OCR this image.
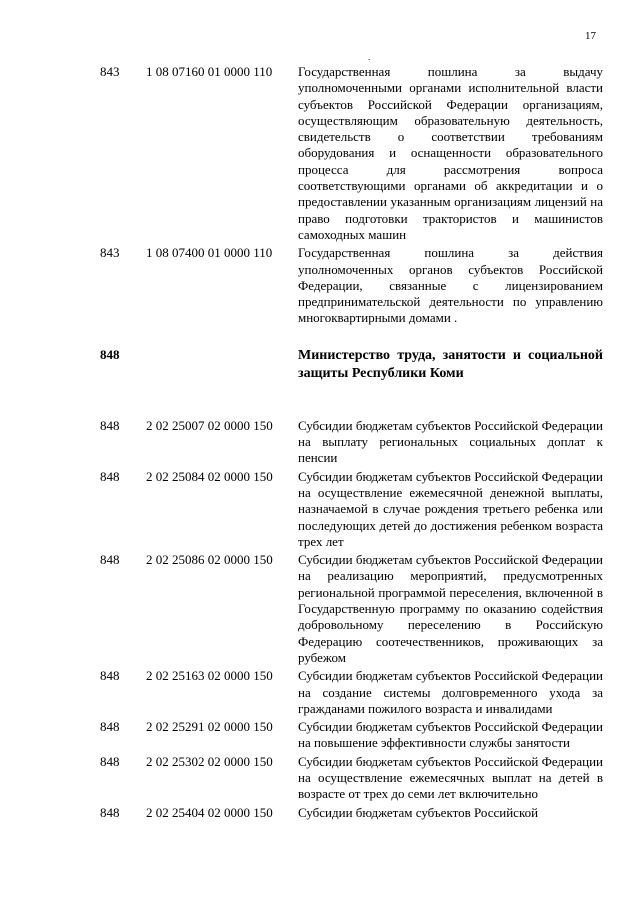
17
.
843	1 08 07160 01 0000 110	Государственная пошлина за выдачу уполномоченными органами исполнительной власти субъектов Российской Федерации организациям, осуществляющим образовательную деятельность, свидетельств о соответствии требованиям оборудования и оснащенности образовательного процесса для рассмотрения вопроса соответствующими органами об аккредитации и о предоставлении указанным организациям лицензий на право подготовки трактористов и машинистов самоходных машин
843	1 08 07400 01 0000 110	Государственная пошлина за действия уполномоченных органов субъектов Российской Федерации, связанные с лицензированием предпринимательской деятельности по управлению многоквартирными домами .
848	Министерство труда, занятости и социальной защиты Республики Коми
848	2 02 25007 02 0000 150	Субсидии бюджетам субъектов Российской Федерации на выплату региональных социальных доплат к пенсии
848	2 02 25084 02 0000 150	Субсидии бюджетам субъектов Российской Федерации на осуществление ежемесячной денежной выплаты, назначаемой в случае рождения третьего ребенка или последующих детей до достижения ребенком возраста трех лет
848	2 02 25086 02 0000 150	Субсидии бюджетам субъектов Российской Федерации на реализацию мероприятий, предусмотренных региональной программой переселения, включенной в Государственную программу по оказанию содействия добровольному переселению в Российскую Федерацию соотечественников, проживающих за рубежом
848	2 02 25163 02 0000 150	Субсидии бюджетам субъектов Российской Федерации на создание системы долговременного ухода за гражданами пожилого возраста и инвалидами
848	2 02 25291 02 0000 150	Субсидии бюджетам субъектов Российской Федерации на повышение эффективности службы занятости
848	2 02 25302 02 0000 150	Субсидии бюджетам субъектов Российской Федерации на осуществление ежемесячных выплат на детей в возрасте от трех до семи лет включительно
848	2 02 25404 02 0000 150	Субсидии бюджетам субъектов Российской
